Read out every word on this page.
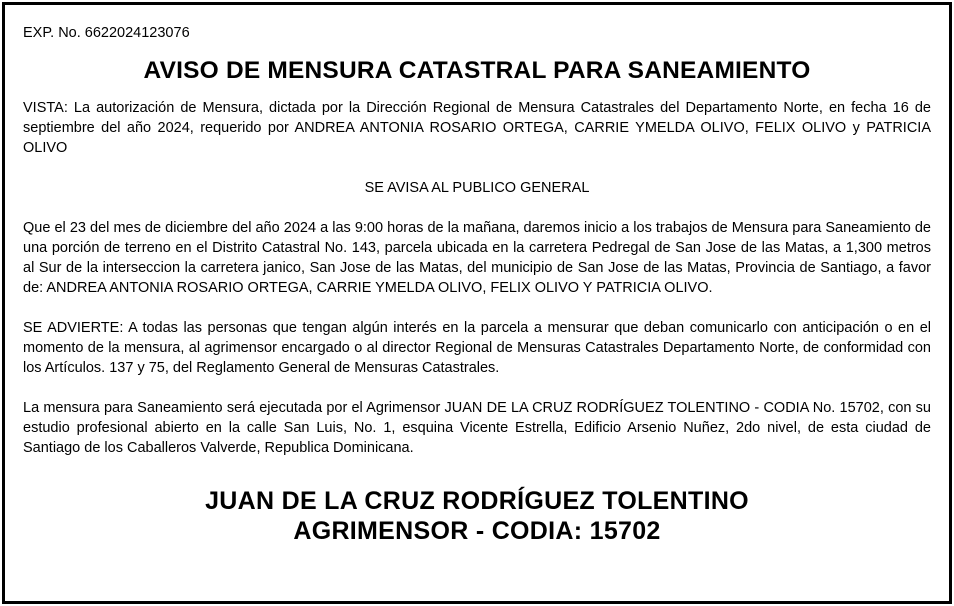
EXP. No. 6622024123076

AVISO DE MENSURA CATASTRAL PARA SANEAMIENTO

VISTA: La autorización de Mensura, dictada por la Dirección Regional de Mensura Catastrales del Departamento Norte, en fecha 16 de septiembre del año 2024, requerido por ANDREA ANTONIA ROSARIO ORTEGA, CARRIE YMELDA OLIVO, FELIX OLIVO y PATRICIA OLIVO

SE AVISA AL PUBLICO GENERAL

Que el 23 del mes de diciembre del año 2024 a las 9:00 horas de la mañana, daremos inicio a los trabajos de Mensura para Saneamiento de una porción de terreno en el Distrito Catastral No. 143, parcela ubicada en la carretera Pedregal de San Jose de las Matas, a 1,300 metros al Sur de la interseccion la carretera janico, San Jose de las Matas, del municipio de San Jose de las Matas, Provincia de Santiago, a favor de: ANDREA ANTONIA ROSARIO ORTEGA, CARRIE YMELDA OLIVO, FELIX OLIVO Y PATRICIA OLIVO.

SE ADVIERTE: A todas las personas que tengan algún interés en la parcela a mensurar que deban comunicarlo con anticipación o en el momento de la mensura, al agrimensor encargado o al director Regional de Mensuras Catastrales Departamento Norte, de conformidad con los Artículos. 137 y 75, del Reglamento General de Mensuras Catastrales.

La mensura para Saneamiento será ejecutada por el Agrimensor JUAN DE LA CRUZ RODRÍGUEZ TOLENTINO - CODIA No. 15702, con su estudio profesional abierto en la calle San Luis, No. 1, esquina Vicente Estrella, Edificio Arsenio Nuñez, 2do nivel, de esta ciudad de Santiago de los Caballeros Valverde, Republica Dominicana.

JUAN DE LA CRUZ RODRÍGUEZ TOLENTINO

AGRIMENSOR - CODIA: 15702
